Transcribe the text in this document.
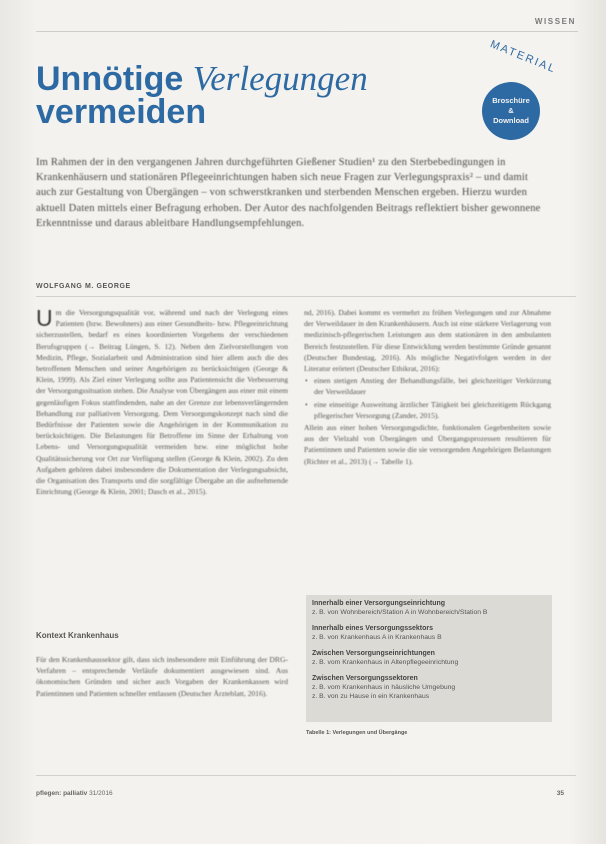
WISSEN
Unnötige Verlegungen
vermeiden
MATERIAL
Broschüre
&
Download
Im Rahmen der in den vergangenen Jahren durchgeführten Gießener Studien¹ zu den Sterbebedingungen in Krankenhäusern und stationären Pflegeeinrichtungen haben sich neue Fragen zur Verlegungspraxis² – und damit auch zur Gestaltung von Übergängen – von schwerstkranken und sterbenden Menschen ergeben. Hierzu wurden aktuell Daten mittels einer Befragung erhoben. Der Autor des nachfolgenden Beitrags reflektiert bisher gewonnene Erkenntnisse und daraus ableitbare Handlungsempfehlungen.
WOLFGANG M. GEORGE
U m die Versorgungsqualität vor, während und nach der Verlegung eines Patienten (bzw. Bewohners) aus einer Gesundheits- bzw. Pflegeeinrichtung sicherzustellen, bedarf es eines koordinierten Vorgehens der verschiedenen Berufsgruppen (→ Beitrag Lüngen, S. 12). Neben den Zielvorstellungen von Medizin, Pflege, Sozialarbeit und Administration sind hier allem auch die des betroffenen Menschen und seiner Angehörigen zu berücksichtigen (George & Klein, 1999). Als Ziel einer Verlegung sollte aus Patientensicht die Verbesserung der Versorgungssituation stehen. Die Analyse von Übergängen aus einer mit einem gegenläufigen Fokus stattfindenden, nahe an der Grenze zur lebensverlängernden Behandlung zur palliativen Versorgung. Dem Versorgungskonzept nach sind die Bedürfnisse der Patienten sowie die Angehörigen in der Kommunikation zu berücksichtigen. Die Belastungen für Betroffene im Sinne der Erhaltung von Lebens- und Versorgungsqualität vermeiden bzw. eine möglichst hohe Qualitätssicherung vor Ort zur Verfügung stellen (George & Klein, 2002). Zu den Aufgaben gehören dabei insbesondere die Dokumentation der Verlegungsabsicht, die Organisation des Transports und die sorgfältige Übergabe an die aufnehmende Einrichtung (George & Klein, 2001; Dasch et al., 2015).
Kontext Krankenhaus
Für den Krankenhaussektor gilt, dass sich insbesondere mit Einführung der DRG-Verfahren – entsprechende Verläufe dokumentiert ausgewiesen sind. Aus ökonomischen Gründen und sicher auch Vorgaben der Krankenkassen wird Patientinnen und Patienten schneller entlassen (Deutscher Ärzteblatt, 2016).
nd, 2016). Dabei kommt es vermehrt zu frühen Verlegungen und zur Abnahme der Verweildauer in den Krankenhäusern. Auch ist eine stärkere Verlagerung von medizinisch-pflegerischen Leistungen aus dem stationären in den ambulanten Bereich festzustellen. Für diese Entwicklung werden bestimmte Gründe genannt (Deutscher Bundestag, 2016). Als mögliche Negativfolgen werden in der Literatur erörtert (Deutscher Ethikrat, 2016):
• einen stetigen Anstieg der Behandlungsfälle, bei gleichzeitiger Verkürzung der Verweildauer
• eine einseitige Ausweitung ärztlicher Tätigkeit bei gleichzeitigem Rückgang pflegerischer Versorgung (Zander, 2015).
Allein aus einer hohen Versorgungsdichte, funktionalen Gegebenheiten sowie aus der Vielzahl von Übergängen und Übergangsprozessen resultieren für Patientinnen und Patienten sowie die sie versorgenden Angehörigen Belastungen (Richter et al., 2013) (→ Tabelle 1).
Innerhalb einer Versorgungseinrichtung
z. B. von Wohnbereich/Station A in Wohnbereich/Station B
Innerhalb eines Versorgungssektors
z. B. von Krankenhaus A in Krankenhaus B
Zwischen Versorgungseinrichtungen
z. B. vom Krankenhaus in Altenpflegeeinrichtung
Zwischen Versorgungssektoren
z. B. vom Krankenhaus in häusliche Umgebung
z. B. von zu Hause in ein Krankenhaus
Tabelle 1: Verlegungen und Übergänge
pflegen: palliativ 31/2016	35
